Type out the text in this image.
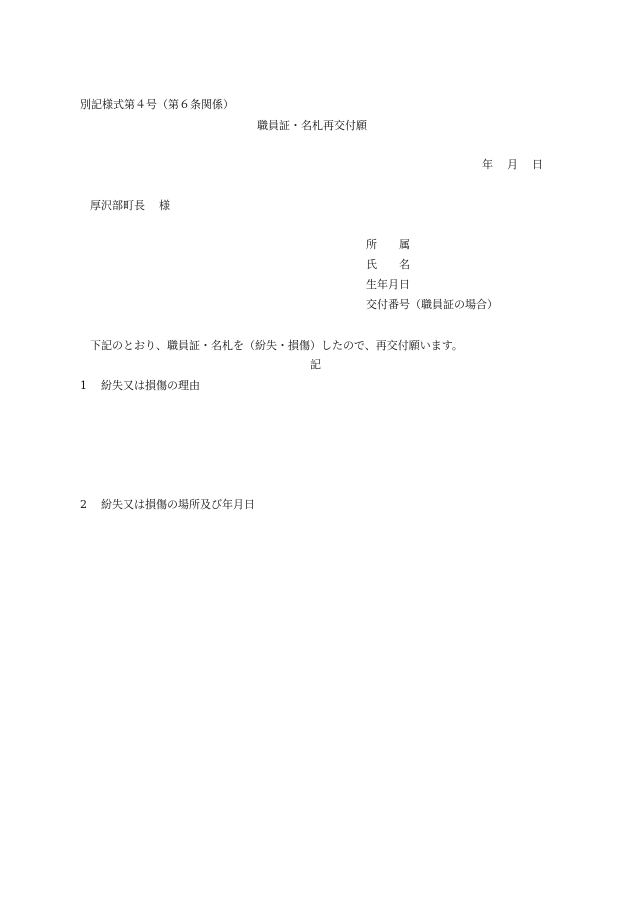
別記様式第４号（第６条関係）
職員証・名札再交付願
年 月 日
厚沢部町長 様
所 属
氏 名
生年月日
交付番号（職員証の場合）
下記のとおり、職員証・名札を（紛失・損傷）したので、再交付願います。
記
1 紛失又は損傷の理由
2 紛失又は損傷の場所及び年月日
